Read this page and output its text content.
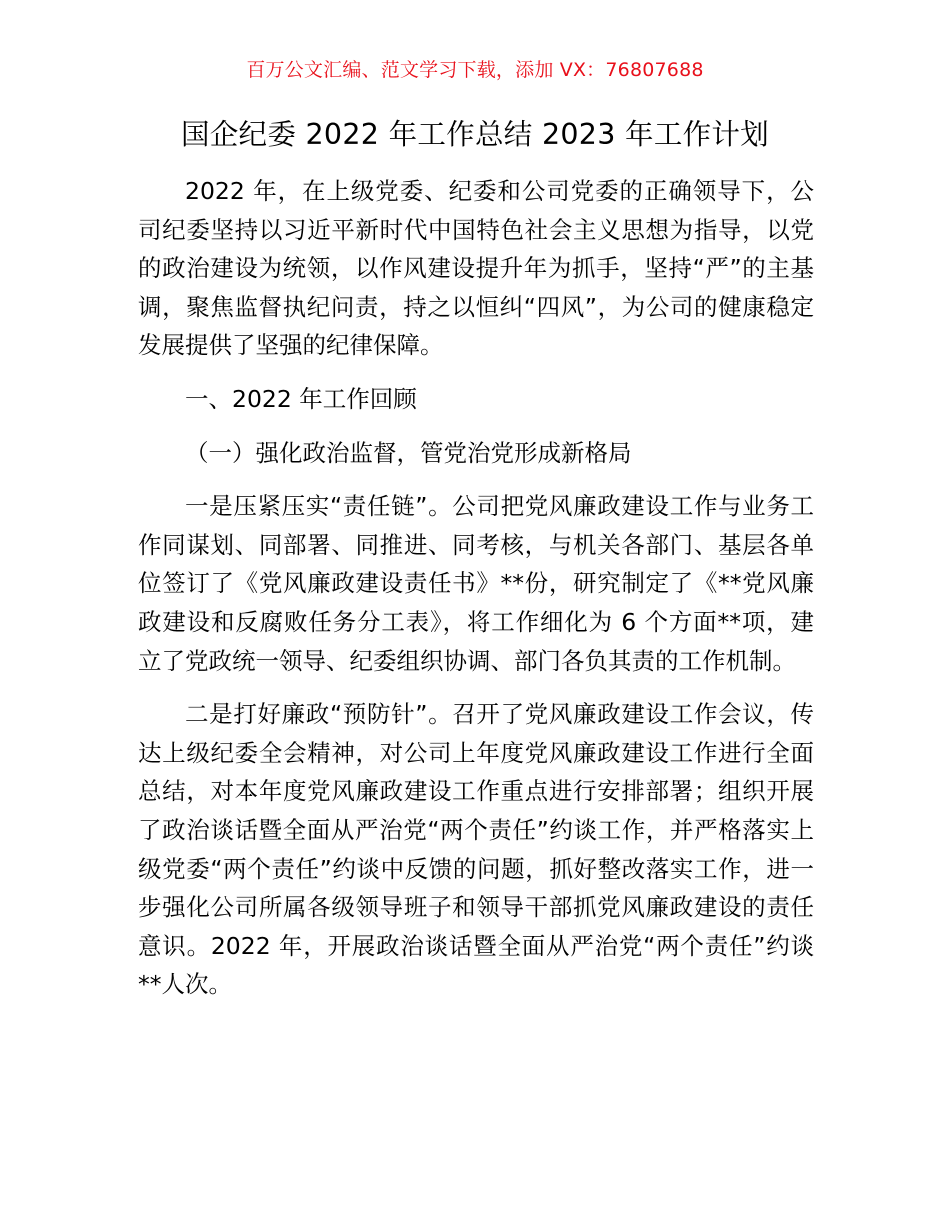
百万公文汇编、范文学习下载，添加 VX：76807688
国企纪委 2022 年工作总结 2023 年工作计划

2022 年，在上级党委、纪委和公司党委的正确领导下，公司纪委坚持以习近平新时代中国特色社会主义思想为指导，以党的政治建设为统领，以作风建设提升年为抓手，坚持“严”的主基调，聚焦监督执纪问责，持之以恒纠“四风”，为公司的健康稳定发展提供了坚强的纪律保障。

一、2022 年工作回顾

（一）强化政治监督，管党治党形成新格局

一是压紧压实“责任链”。公司把党风廉政建设工作与业务工作同谋划、同部署、同推进、同考核，与机关各部门、基层各单位签订了《党风廉政建设责任书》**份，研究制定了《**党风廉政建设和反腐败任务分工表》，将工作细化为 6 个方面**项，建立了党政统一领导、纪委组织协调、部门各负其责的工作机制。

二是打好廉政“预防针”。召开了党风廉政建设工作会议，传达上级纪委全会精神，对公司上年度党风廉政建设工作进行全面总结，对本年度党风廉政建设工作重点进行安排部署；组织开展了政治谈话暨全面从严治党“两个责任”约谈工作，并严格落实上级党委“两个责任”约谈中反馈的问题，抓好整改落实工作，进一步强化公司所属各级领导班子和领导干部抓党风廉政建设的责任意识。2022 年，开展政治谈话暨全面从严治党“两个责任”约谈**人次。
